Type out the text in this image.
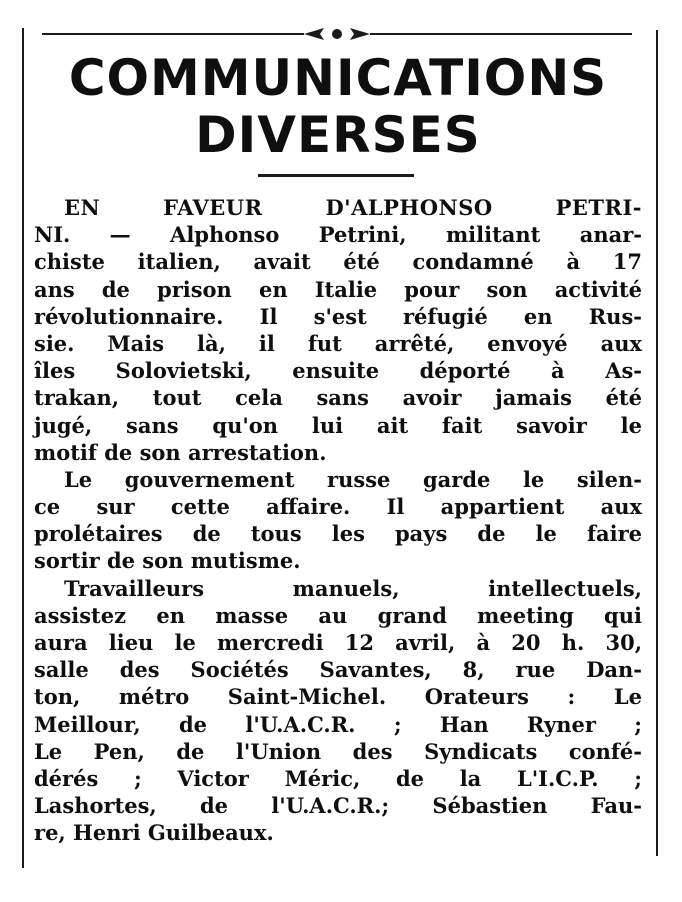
COMMUNICATIONS
DIVERSES
EN FAVEUR D'ALPHONSO PETRI-
NI. — Alphonso Petrini, militant anar-
chiste italien, avait été condamné à 17
ans de prison en Italie pour son activité
révolutionnaire. Il s'est réfugié en Rus-
sie. Mais là, il fut arrêté, envoyé aux
îles Solovietski, ensuite déporté à As-
trakan, tout cela sans avoir jamais été
jugé, sans qu'on lui ait fait savoir le
motif de son arrestation.
Le gouvernement russe garde le silen-
ce sur cette affaire. Il appartient aux
prolétaires de tous les pays de le faire
sortir de son mutisme.
Travailleurs manuels, intellectuels,
assistez en masse au grand meeting qui
aura lieu le mercredi 12 avril, à 20 h. 30,
salle des Sociétés Savantes, 8, rue Dan-
ton, métro Saint-Michel. Orateurs : Le
Meillour, de l'U.A.C.R. ; Han Ryner ;
Le Pen, de l'Union des Syndicats confé-
dérés ; Victor Méric, de la L'I.C.P. ;
Lashortes, de l'U.A.C.R.; Sébastien Fau-
re, Henri Guilbeaux.
